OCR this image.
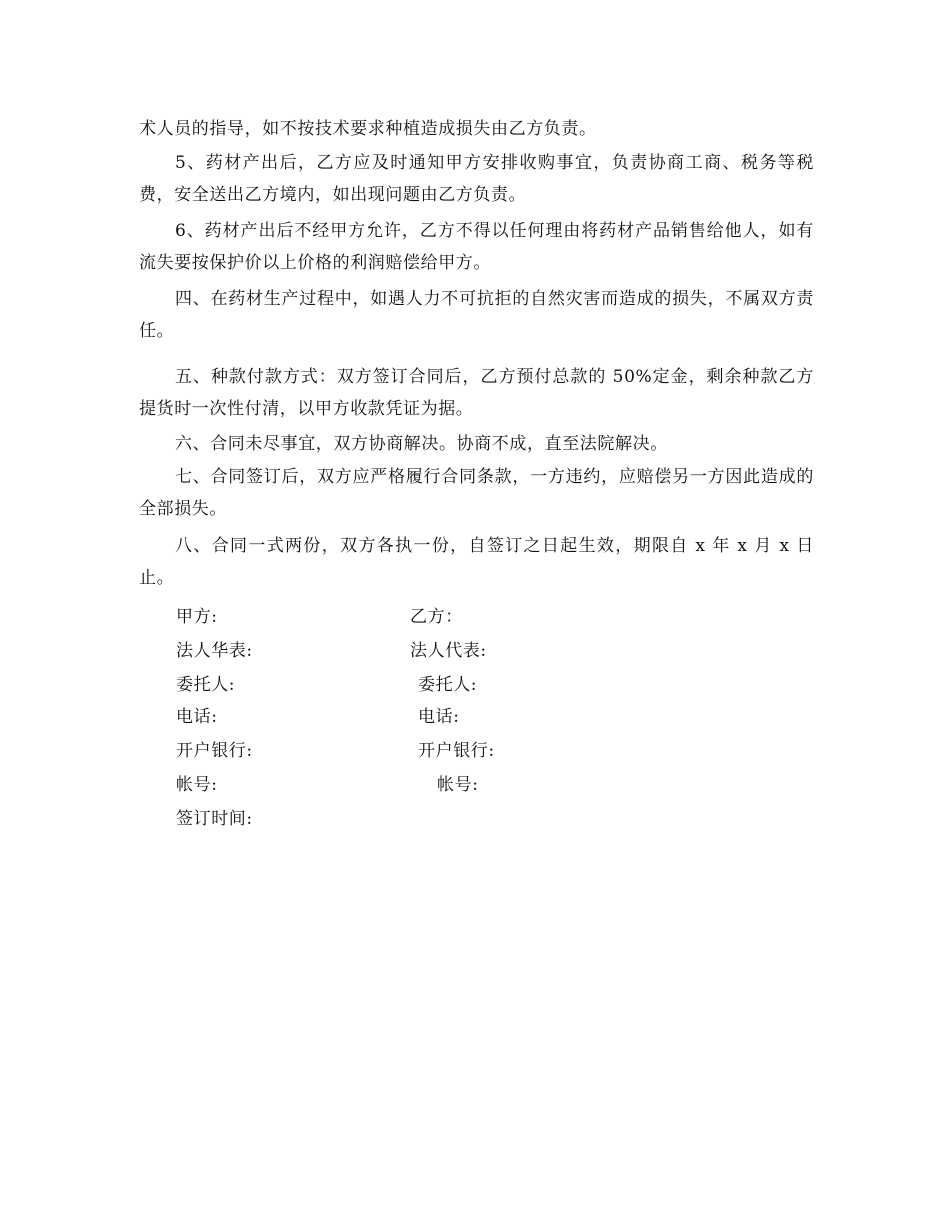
术人员的指导，如不按技术要求种植造成损失由乙方负责。

5、药材产出后，乙方应及时通知甲方安排收购事宜，负责协商工商、税务等税费，安全送出乙方境内，如出现问题由乙方负责。

6、药材产出后不经甲方允许，乙方不得以任何理由将药材产品销售给他人，如有流失要按保护价以上价格的利润赔偿给甲方。

四、在药材生产过程中，如遇人力不可抗拒的自然灾害而造成的损失，不属双方责任。

五、种款付款方式：双方签订合同后，乙方预付总款的 50%定金，剩余种款乙方提货时一次性付清，以甲方收款凭证为据。

六、合同未尽事宜，双方协商解决。协商不成，直至法院解决。

七、合同签订后，双方应严格履行合同条款，一方违约，应赔偿另一方因此造成的全部损失。

八、合同一式两份，双方各执一份，自签订之日起生效，期限自 x 年 x 月 x 日止。

甲方:	乙方：
法人华表:	法人代表:
委托人:	委托人:
电话:	电话:
开户银行:	开户银行:
帐号:	帐号:
签订时间:
